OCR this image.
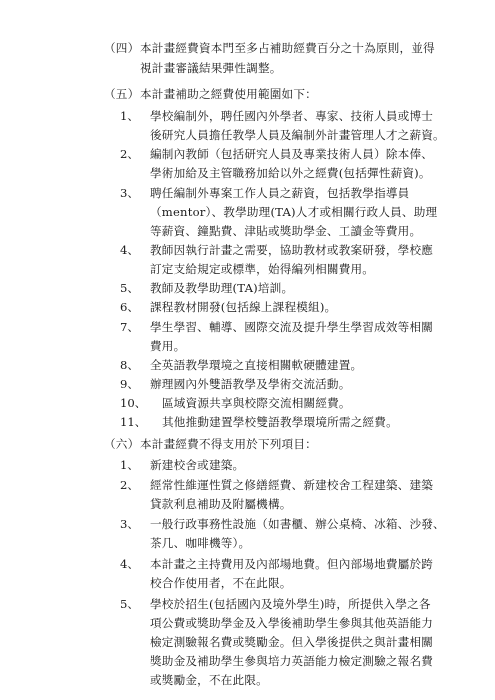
（四） 本計畫經費資本門至多占補助經費百分之十為原則，並得
視計畫審議結果彈性調整。
（五） 本計畫補助之經費使用範圍如下：
1、 學校編制外，聘任國內外學者、專家、技術人員或博士
後研究人員擔任教學人員及編制外計畫管理人才之薪資。
2、 編制內教師（包括研究人員及專業技術人員）除本俸、
學術加給及主管職務加給以外之經費(包括彈性薪資)。
3、 聘任編制外專案工作人員之薪資，包括教學指導員
（mentor）、教學助理(TA)人才或相關行政人員、助理
等薪資、鐘點費、津貼或獎助學金、工讀金等費用。
4、 教師因執行計畫之需要，協助教材或教案研發，學校應
訂定支給規定或標準，始得編列相關費用。
5、 教師及教學助理(TA)培訓。
6、 課程教材開發(包括線上課程模組)。
7、 學生學習、輔導、國際交流及提升學生學習成效等相關
費用。
8、 全英語教學環境之直接相關軟硬體建置。
9、 辦理國內外雙語教學及學術交流活動。
10、 區域資源共享與校際交流相關經費。
11、 其他推動建置學校雙語教學環境所需之經費。
（六） 本計畫經費不得支用於下列項目：
1、 新建校舍或建築。
2、 經常性維運性質之修繕經費、新建校舍工程建築、建築
貸款利息補助及附屬機構。
3、 一般行政事務性設施（如書櫃、辦公桌椅、冰箱、沙發、
茶几、咖啡機等）。
4、 本計畫之主持費用及內部場地費。但內部場地費屬於跨
校合作使用者，不在此限。
5、 學校於招生(包括國內及境外學生)時，所提供入學之各
項公費或獎助學金及入學後補助學生參與其他英語能力
檢定測驗報名費或獎勵金。但入學後提供之與計畫相關
獎助金及補助學生參與培力英語能力檢定測驗之報名費
或獎勵金，不在此限。
